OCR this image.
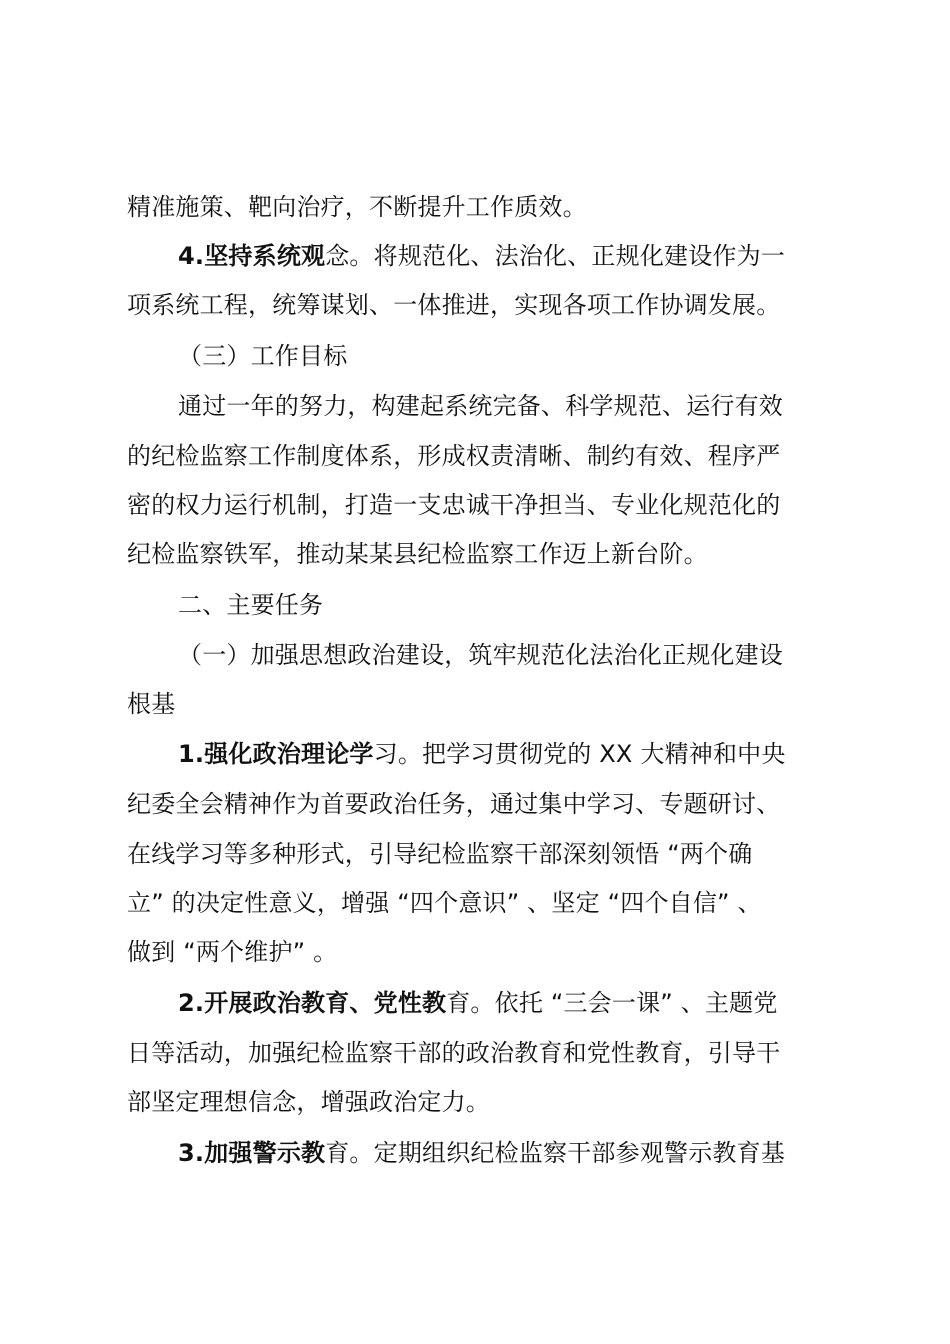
精准施策、靶向治疗，不断提升工作质效。
4.坚持系统观念。将规范化、法治化、正规化建设作为一
项系统工程，统筹谋划、一体推进，实现各项工作协调发展。
（三）工作目标
通过一年的努力，构建起系统完备、科学规范、运行有效
的纪检监察工作制度体系，形成权责清晰、制约有效、程序严
密的权力运行机制，打造一支忠诚干净担当、专业化规范化的
纪检监察铁军，推动某某县纪检监察工作迈上新台阶。
二、主要任务
（一）加强思想政治建设，筑牢规范化法治化正规化建设
根基
1.强化政治理论学习。把学习贯彻党的 XX 大精神和中央
纪委全会精神作为首要政治任务，通过集中学习、专题研讨、
在线学习等多种形式，引导纪检监察干部深刻领悟 “两个确
立” 的决定性意义，增强 “四个意识” 、坚定 “四个自信” 、
做到 “两个维护” 。
2.开展政治教育、党性教育。依托 “三会一课” 、主题党
日等活动，加强纪检监察干部的政治教育和党性教育，引导干
部坚定理想信念，增强政治定力。
3.加强警示教育。定期组织纪检监察干部参观警示教育基
